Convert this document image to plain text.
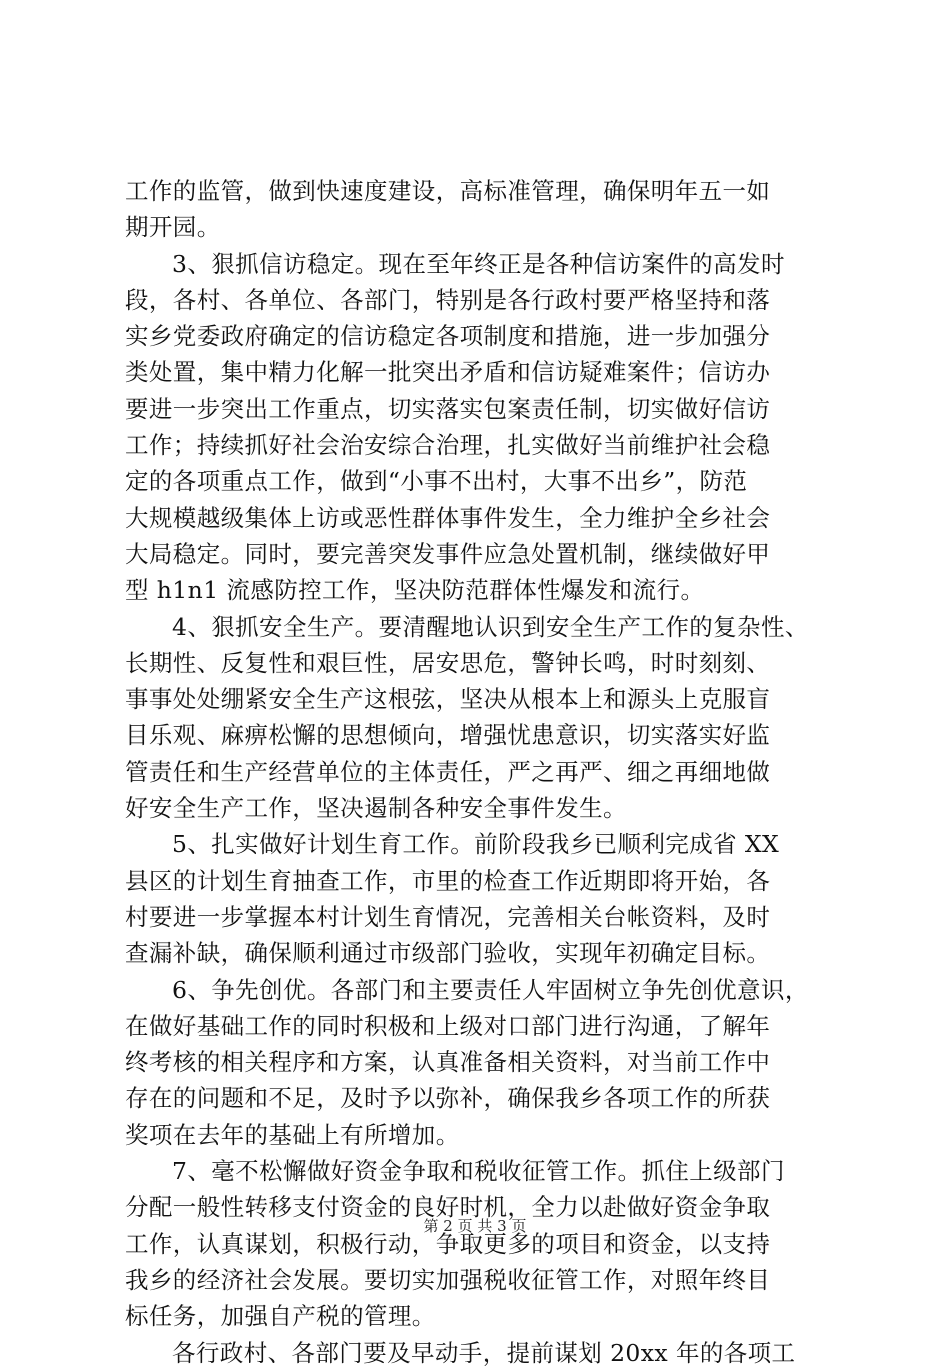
工作的监管，做到快速度建设，高标准管理，确保明年五一如
期开园。
3、狠抓信访稳定。现在至年终正是各种信访案件的高发时
段，各村、各单位、各部门，特别是各行政村要严格坚持和落
实乡党委政府确定的信访稳定各项制度和措施，进一步加强分
类处置，集中精力化解一批突出矛盾和信访疑难案件；信访办
要进一步突出工作重点，切实落实包案责任制，切实做好信访
工作；持续抓好社会治安综合治理，扎实做好当前维护社会稳
定的各项重点工作，做到“小事不出村，大事不出乡”，防范
大规模越级集体上访或恶性群体事件发生，全力维护全乡社会
大局稳定。同时，要完善突发事件应急处置机制，继续做好甲
型 h1n1 流感防控工作，坚决防范群体性爆发和流行。
4、狠抓安全生产。要清醒地认识到安全生产工作的复杂性、
长期性、反复性和艰巨性，居安思危，警钟长鸣，时时刻刻、
事事处处绷紧安全生产这根弦，坚决从根本上和源头上克服盲
目乐观、麻痹松懈的思想倾向，增强忧患意识，切实落实好监
管责任和生产经营单位的主体责任，严之再严、细之再细地做
好安全生产工作，坚决遏制各种安全事件发生。
5、扎实做好计划生育工作。前阶段我乡已顺利完成省 XX
县区的计划生育抽查工作，市里的检查工作近期即将开始，各
村要进一步掌握本村计划生育情况，完善相关台帐资料，及时
查漏补缺，确保顺利通过市级部门验收，实现年初确定目标。
6、争先创优。各部门和主要责任人牢固树立争先创优意识，
在做好基础工作的同时积极和上级对口部门进行沟通，了解年
终考核的相关程序和方案，认真准备相关资料，对当前工作中
存在的问题和不足，及时予以弥补，确保我乡各项工作的所获
奖项在去年的基础上有所增加。
7、毫不松懈做好资金争取和税收征管工作。抓住上级部门
分配一般性转移支付资金的良好时机，全力以赴做好资金争取
工作，认真谋划，积极行动，争取更多的项目和资金，以支持
我乡的经济社会发展。要切实加强税收征管工作，对照年终目
标任务，加强自产税的管理。
各行政村、各部门要及早动手，提前谋划 20xx 年的各项工
第 2 页 共 3 页
